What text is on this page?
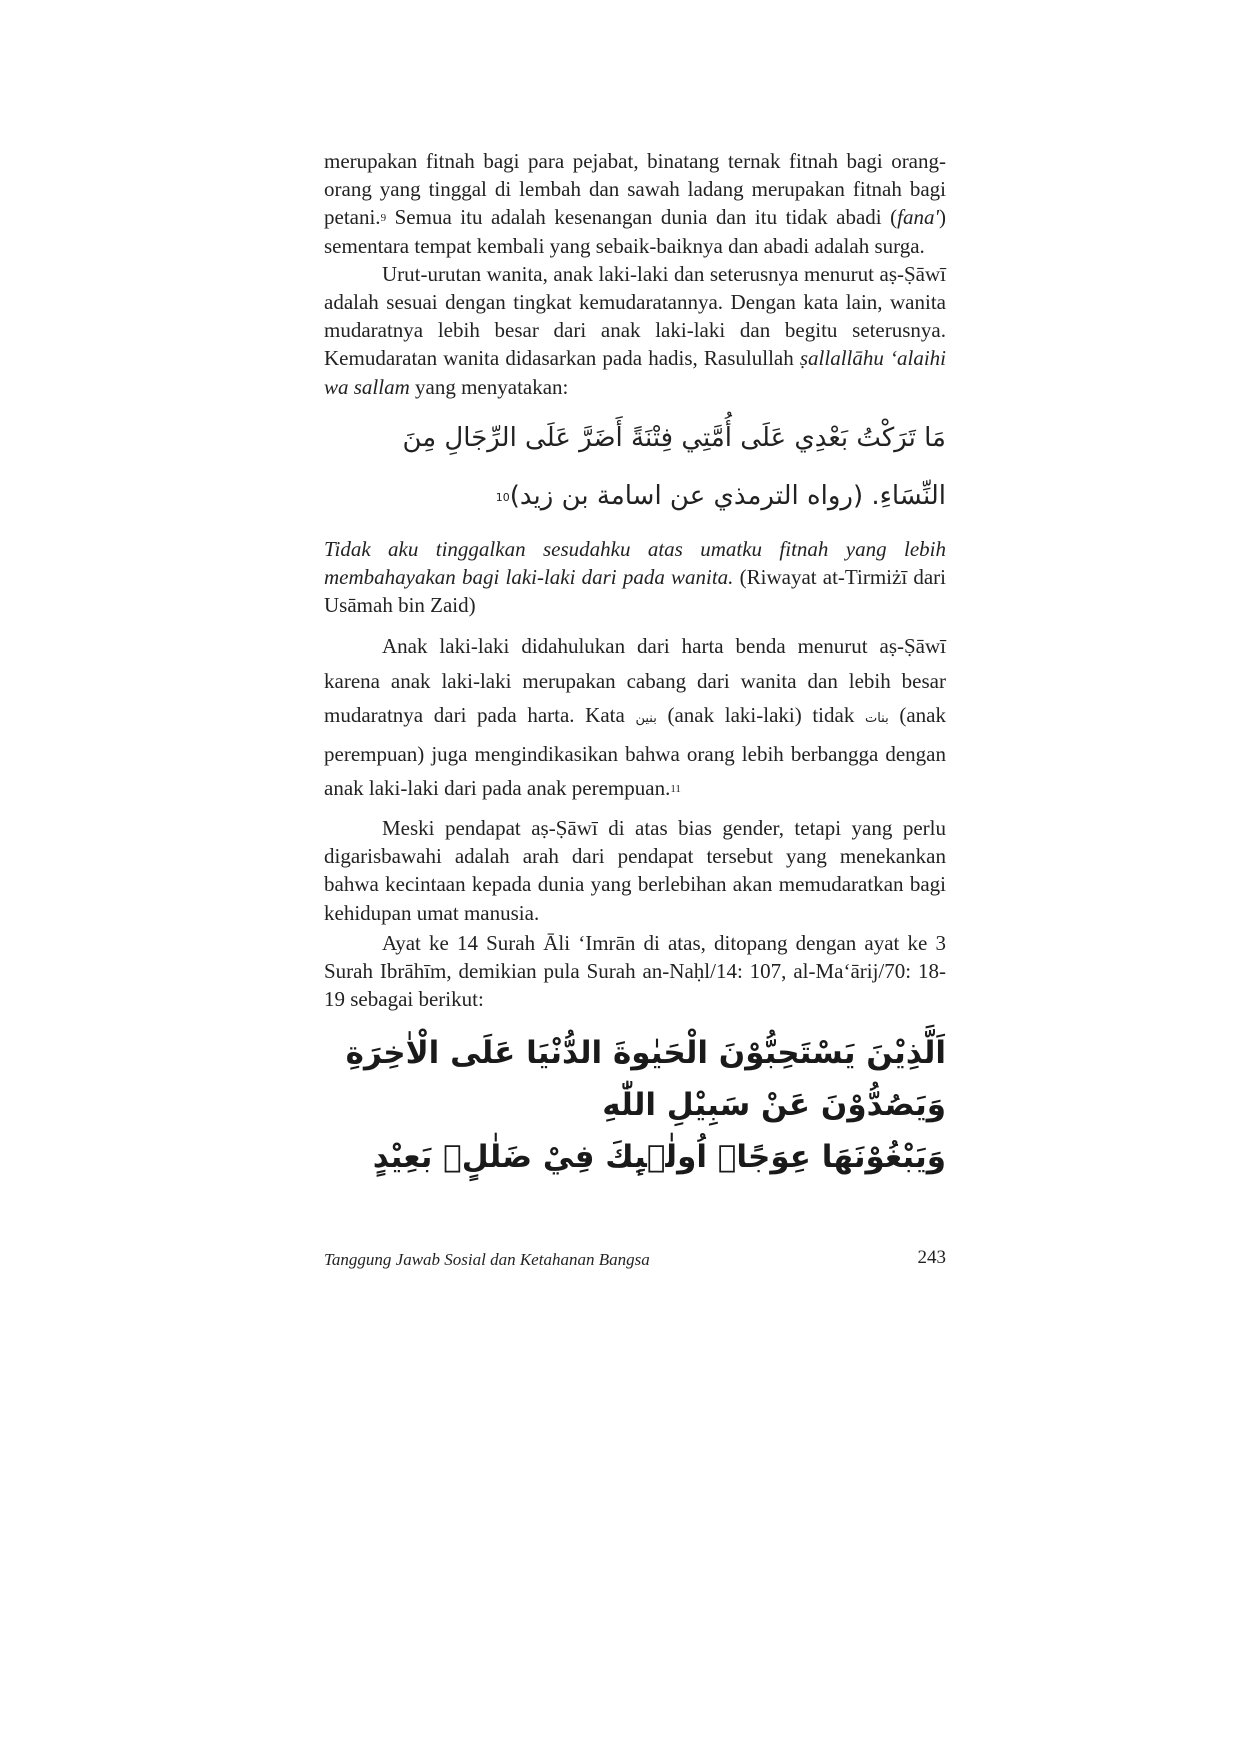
merupakan fitnah bagi para pejabat, binatang ternak fitnah bagi orang-orang yang tinggal di lembah dan sawah ladang merupakan fitnah bagi petani.$^9$ Semua itu adalah kesenangan dunia dan itu tidak abadi (fana') sementara tempat kembali yang sebaik-baiknya dan abadi adalah surga.

Urut-urutan wanita, anak laki-laki dan seterusnya menurut aṣ-Ṣāwī adalah sesuai dengan tingkat kemudaratannya. Dengan kata lain, wanita mudaratnya lebih besar dari anak laki-laki dan begitu seterusnya. Kemudaratan wanita didasarkan pada hadis, Rasulullah ṣallallāhu ‘alaihi wa sallam yang menyatakan:

مَا تَرَكْتُ بَعْدِي عَلَى أُمَّتِي فِتْنَةً أَضَرَّ عَلَى الرِّجَالِ مِنَ النِّسَاءِ. (رواه الترمذي عن اسامة بن زيد)$^{10}$

Tidak aku tinggalkan sesudahku atas umatku fitnah yang lebih membahayakan bagi laki-laki dari pada wanita. (Riwayat at-Tirmiżī dari Usāmah bin Zaid)

Anak laki-laki didahulukan dari harta benda menurut aṣ-Ṣāwī karena anak laki-laki merupakan cabang dari wanita dan lebih besar mudaratnya dari pada harta. Kata بنين (anak laki-laki) tidak بنات (anak perempuan) juga mengindikasikan bahwa orang lebih berbangga dengan anak laki-laki dari pada anak perempuan.$^{11}$

Meski pendapat aṣ-Ṣāwī di atas bias gender, tetapi yang perlu digarisbawahi adalah arah dari pendapat tersebut yang menekankan bahwa kecintaan kepada dunia yang berlebihan akan memudaratkan bagi kehidupan umat manusia.

Ayat ke 14 Surah Āli ‘Imrān di atas, ditopang dengan ayat ke 3 Surah Ibrāhīm, demikian pula Surah an-Naḥl/14: 107, al-Ma‘ārij/70: 18-19 sebagai berikut:

اَلَّذِيْنَ يَسْتَحِبُّوْنَ الْحَيٰوةَ الدُّنْيَا عَلَى الْاٰخِرَةِ وَيَصُدُّوْنَ عَنْ سَبِيْلِ اللّٰهِ
وَيَبْغُوْنَهَا عِوَجًاۗ اُولٰۤىِٕكَ فِيْ ضَلٰلٍۢ بَعِيْدٍ
Tanggung Jawab Sosial dan Ketahanan Bangsa	243
